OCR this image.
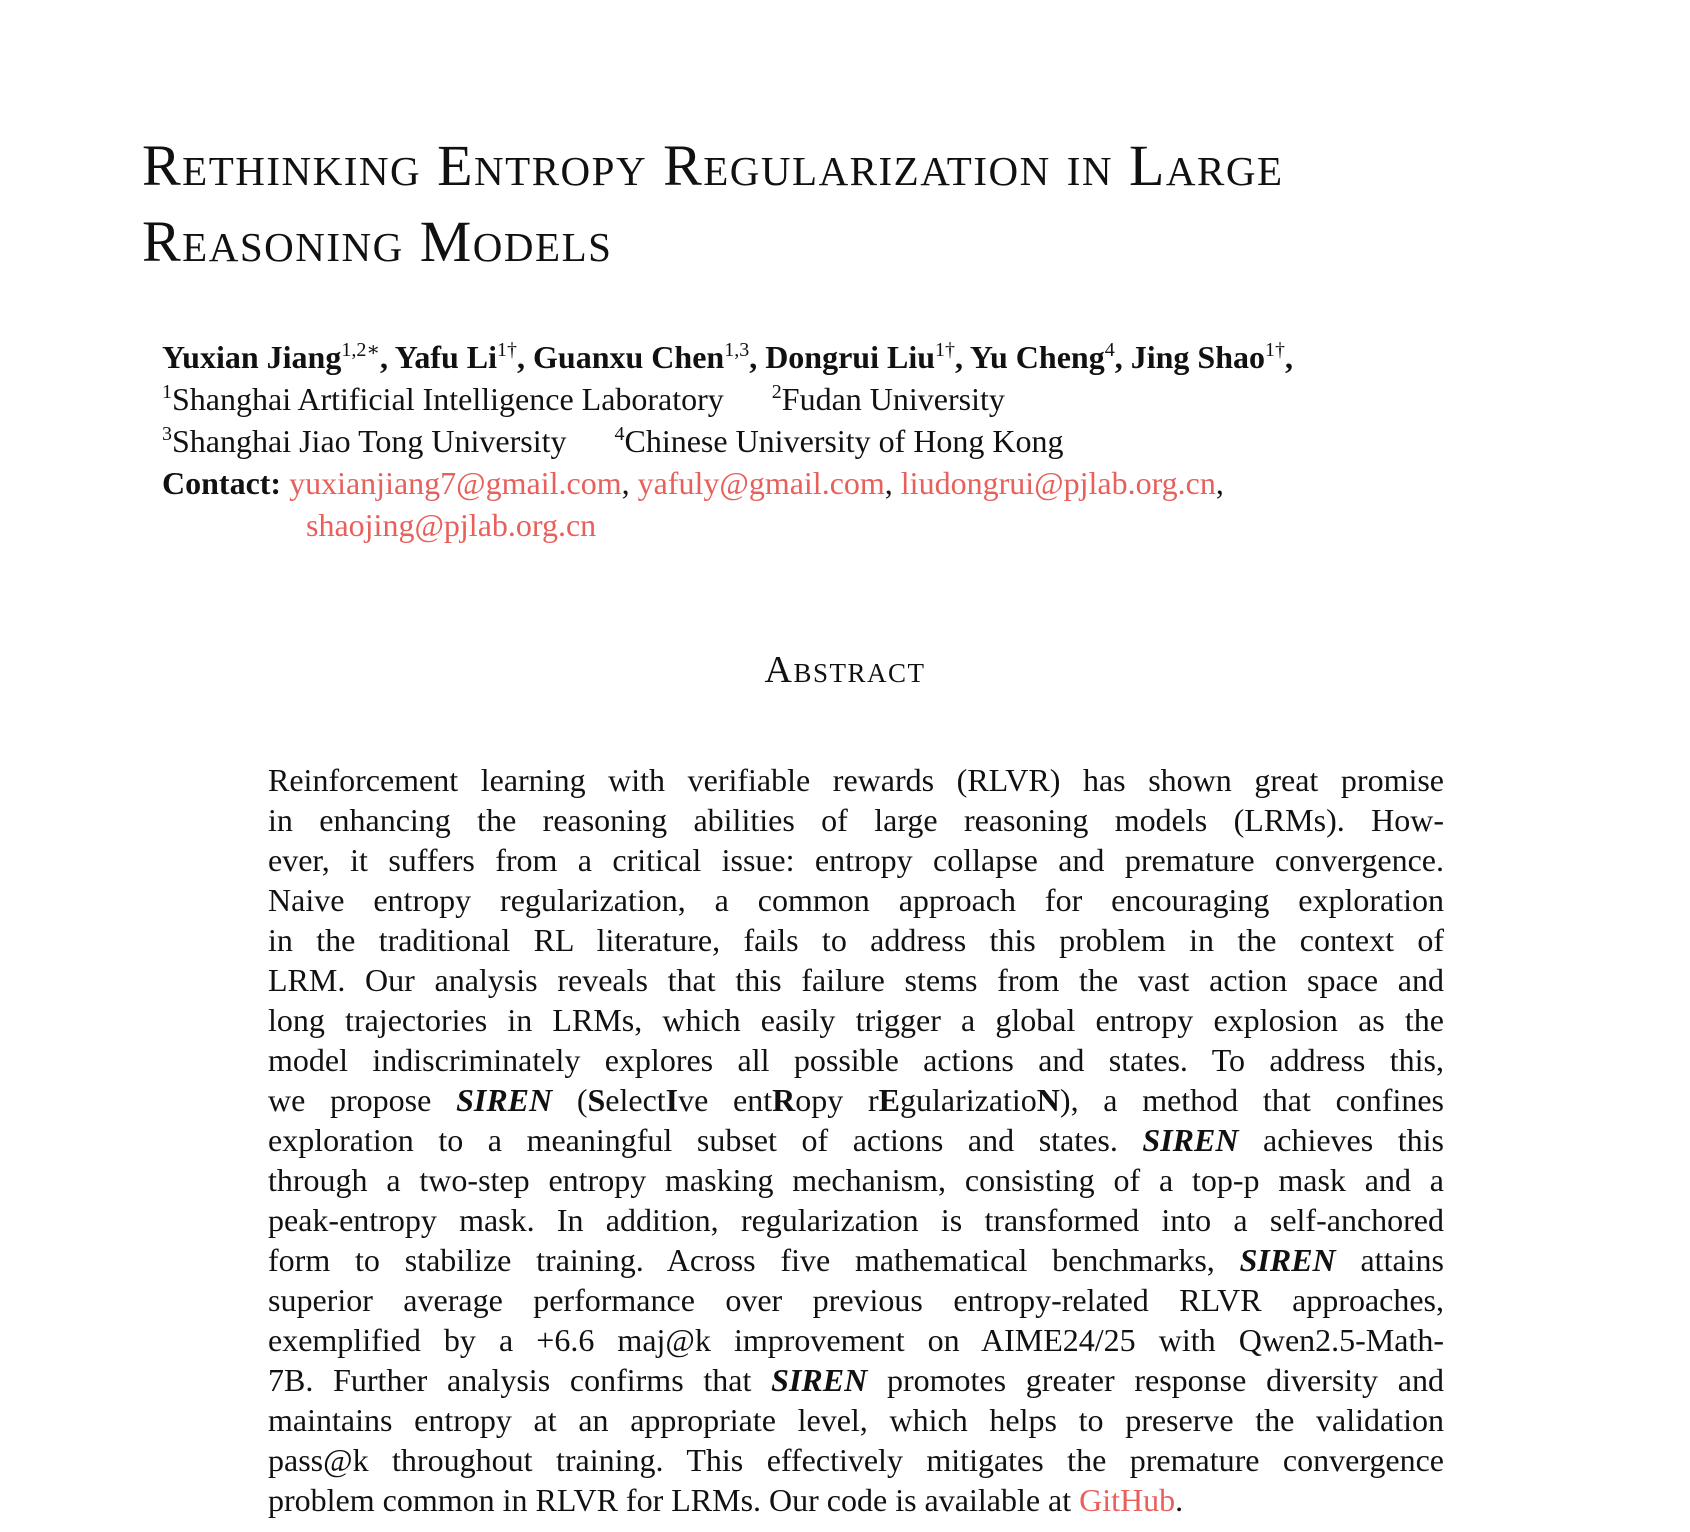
Rethinking Entropy Regularization in Large
Reasoning Models
Yuxian Jiang$^{1,2∗}$, Yafu $Li^{1\dagger}$, Guanxu Chen$^{1,3}$, Dongrui Liu$^{1\dagger}$, Yu Cheng$^4$, Jing Shao$^{1\dagger}$,
$^1$Shanghai Artificial Intelligence Laboratory $^2$Fudan University
$^3$Shanghai Jiao Tong University $^4$Chinese University of Hong Kong
Contact: yuxianjiang7@gmail.com, yafuly@gmail.com, liudongrui@pjlab.org.cn,
shaojing@pjlab.org.cn
Abstract
Reinforcement learning with verifiable rewards (RLVR) has shown great promise
in enhancing the reasoning abilities of large reasoning models (LRMs). How-
ever, it suffers from a critical issue: entropy collapse and premature convergence.
Naive entropy regularization, a common approach for encouraging exploration
in the traditional RL literature, fails to address this problem in the context of
LRM. Our analysis reveals that this failure stems from the vast action space and
long trajectories in LRMs, which easily trigger a global entropy explosion as the
model indiscriminately explores all possible actions and states. To address this,
we propose SIREN (SelectIve entRopy rEgularizatioN), a method that confines
exploration to a meaningful subset of actions and states. SIREN achieves this
through a two-step entropy masking mechanism, consisting of a top-p mask and a
peak-entropy mask. In addition, regularization is transformed into a self-anchored
form to stabilize training. Across five mathematical benchmarks, SIREN attains
superior average performance over previous entropy-related RLVR approaches,
exemplified by a +6.6 maj@k improvement on AIME24/25 with Qwen2.5-Math-
7B. Further analysis confirms that SIREN promotes greater response diversity and
maintains entropy at an appropriate level, which helps to preserve the validation
pass@k throughout training. This effectively mitigates the premature convergence
problem common in RLVR for LRMs. Our code is available at GitHub.
